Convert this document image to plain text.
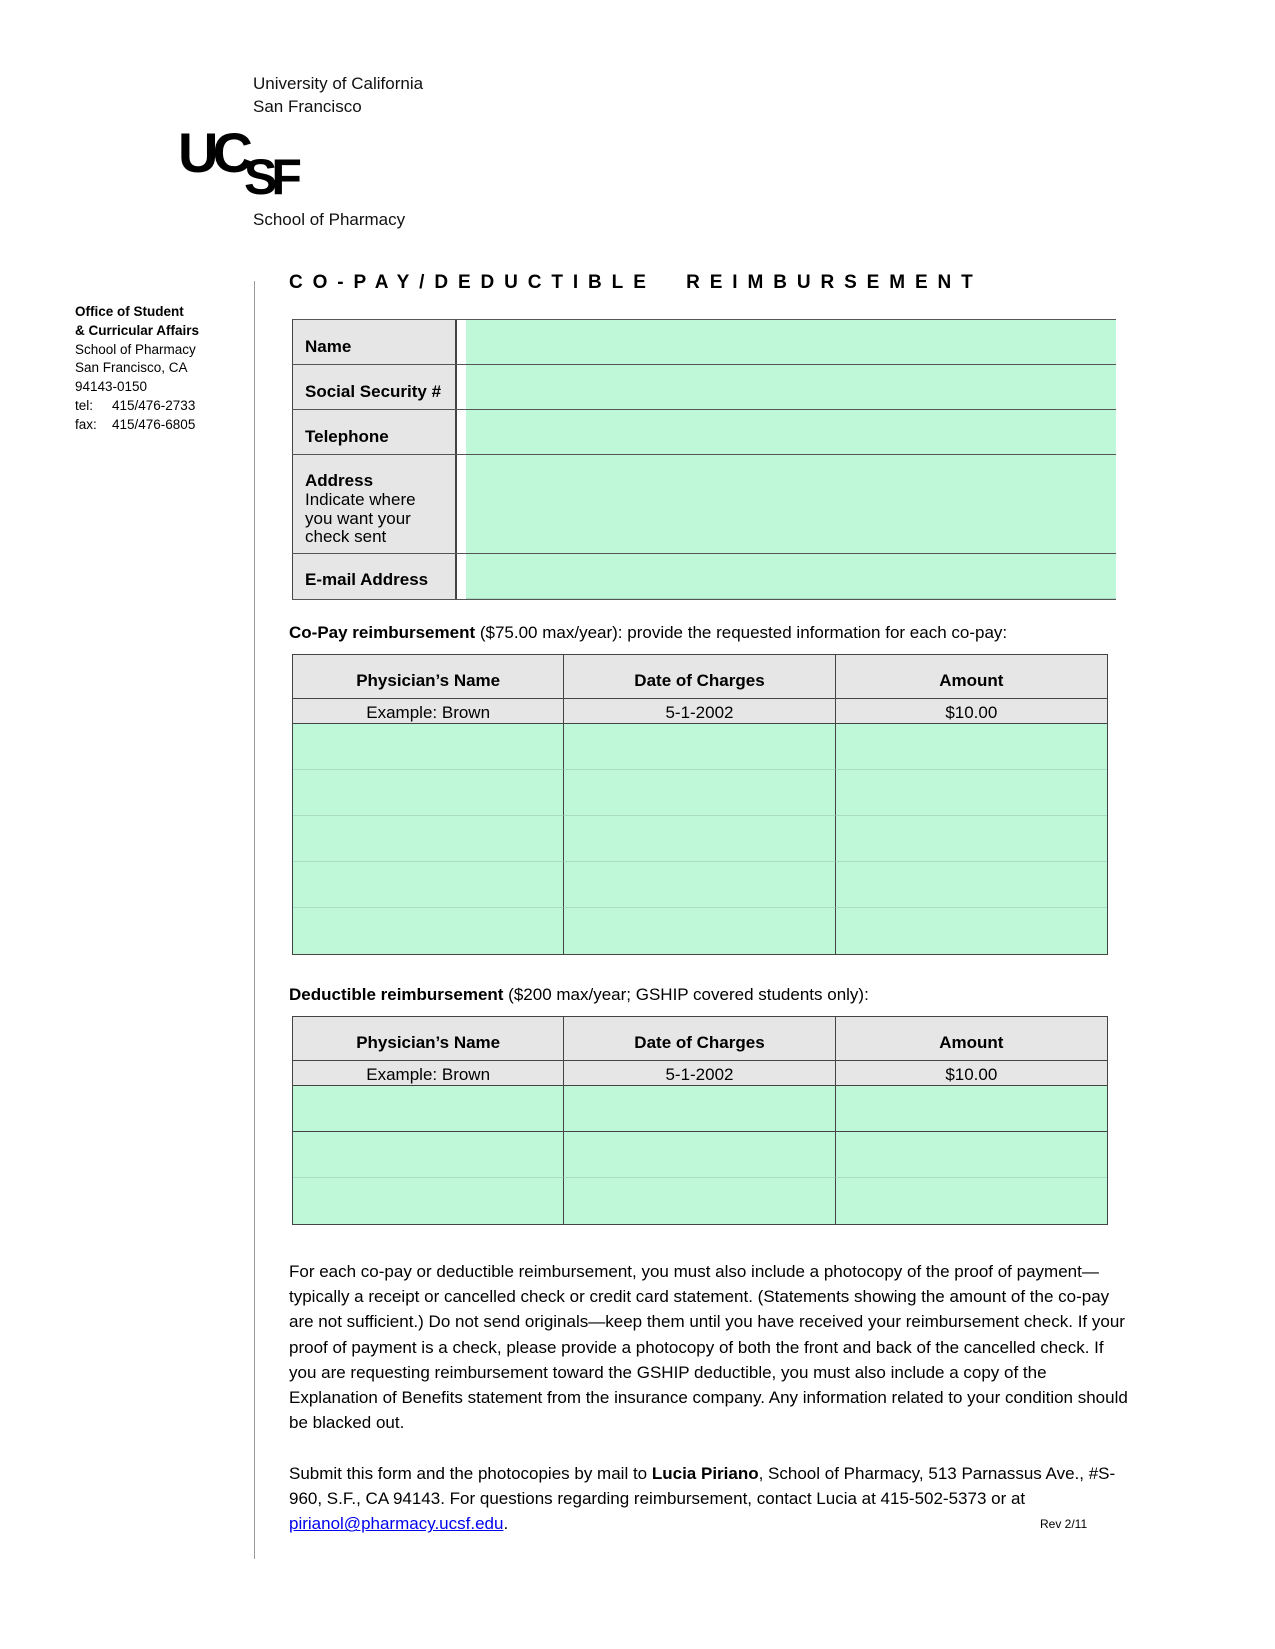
University of California
San Francisco
UC
SF
School of Pharmacy
Office of Student
& Curricular Affairs
School of Pharmacy
San Francisco, CA
94143-0150
tel: 415/476-2733
fax: 415/476-6805
CO-PAY/DEDUCTIBLE  REIMBURSEMENT
Name
Social Security #
Telephone
Address
Indicate where
you want your
check sent
E-mail Address
Co-Pay reimbursement ($75.00 max/year): provide the requested information for each co-pay:
Physician’s Name	Date of Charges	Amount
Example: Brown	5-1-2002	$10.00
Deductible reimbursement ($200 max/year; GSHIP covered students only):
Physician’s Name	Date of Charges	Amount
Example: Brown	5-1-2002	$10.00
For each co-pay or deductible reimbursement, you must also include a photocopy of the proof of payment—typically a receipt or cancelled check or credit card statement. (Statements showing the amount of the co-pay are not sufficient.) Do not send originals—keep them until you have received your reimbursement check. If your proof of payment is a check, please provide a photocopy of both the front and back of the cancelled check. If you are requesting reimbursement toward the GSHIP deductible, you must also include a copy of the Explanation of Benefits statement from the insurance company. Any information related to your condition should be blacked out.
Submit this form and the photocopies by mail to Lucia Piriano, School of Pharmacy, 513 Parnassus Ave., #S-960, S.F., CA 94143. For questions regarding reimbursement, contact Lucia at 415-502-5373 or at pirianol@pharmacy.ucsf.edu.	Rev 2/11
